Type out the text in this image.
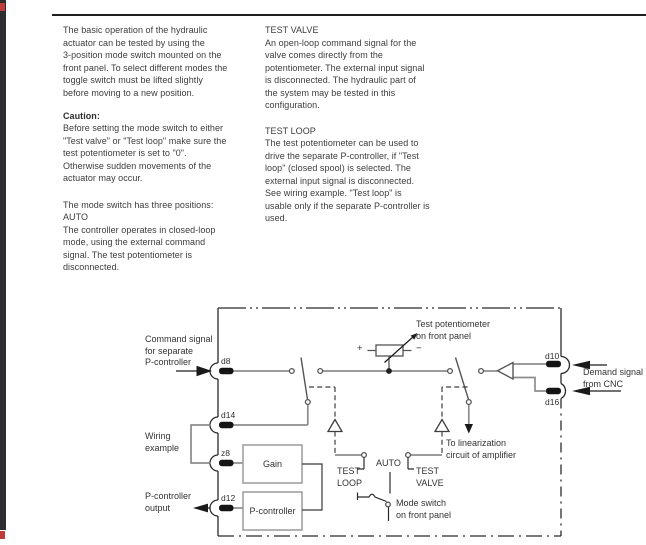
The basic operation of the hydraulic
actuator can be tested by using the
3-position mode switch mounted on the
front panel. To select different modes the
toggle switch must be lifted slightly
before moving to a new position.
Caution:
Before setting the mode switch to either
"Test valve" or "Test loop" make sure the
test potentiometer is set to "0".
Otherwise sudden movements of the
actuator may occur.
The mode switch has three positions:
AUTO
The controller operates in closed-loop
mode, using the external command
signal. The test potentiometer is
disconnected.
TEST VALVE
An open-loop command signal for the
valve comes directly from the
potentiometer. The external input signal
is disconnected. The hydraulic part of
the system may be tested in this
configuration.
TEST LOOP
The test potentiometer can be used to
drive the separate P-controller, if "Test
loop" (closed spool) is selected. The
external input signal is disconnected.
See wiring example. "Test loop" is
usable only if the separate P-controller is
used.
Command signal
for separate
P-controller	d8
Test potentiometer
on front panel
+	−
d10
d16
Demand signal
from CNC
d14
Wiring
example
z8
To linearization
circuit of amplifier
TEST
LOOP
AUTO
TEST
VALVE
d12
P-controller
output
Gain
P-controller
Mode switch
on front panel
